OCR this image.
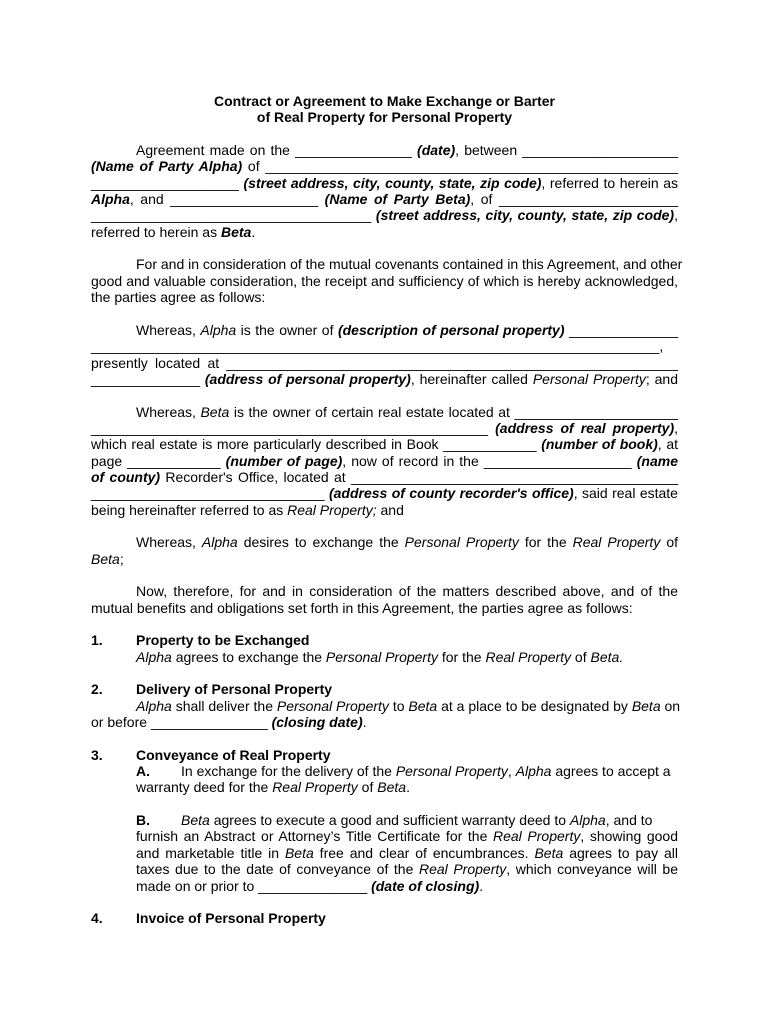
Contract or Agreement to Make Exchange or Barter
of Real Property for Personal Property
Agreement made on the _______________ (date), between ____________________
(Name of Party Alpha) of _____________________________________________________
___________________ (street address, city, county, state, zip code), referred to herein as
Alpha, and ___________________ (Name of Party Beta), of _______________________
____________________________________ (street address, city, county, state, zip code),
referred to herein as Beta.
For and in consideration of the mutual covenants contained in this Agreement, and other
good and valuable consideration, the receipt and sufficiency of which is hereby acknowledged,
the parties agree as follows:
Whereas, Alpha is the owner of (description of personal property) ______________
_________________________________________________________________________,
presently located at __________________________________________________________
______________ (address of personal property), hereinafter called Personal Property; and
Whereas, Beta is the owner of certain real estate located at _____________________
___________________________________________________ (address of real property),
which real estate is more particularly described in Book ____________ (number of book), at
page ____________ (number of page), now of record in the ___________________ (name
of county) Recorder's Office, located at __________________________________________
______________________________ (address of county recorder's office), said real estate
being hereinafter referred to as Real Property; and
Whereas, Alpha desires to exchange the Personal Property for the Real Property of
Beta;
Now, therefore, for and in consideration of the matters described above, and of the
mutual benefits and obligations set forth in this Agreement, the parties agree as follows:
1. Property to be Exchanged
Alpha agrees to exchange the Personal Property for the Real Property of Beta.
2. Delivery of Personal Property
Alpha shall deliver the Personal Property to Beta at a place to be designated by Beta on
or before _______________ (closing date).
3. Conveyance of Real Property
A. In exchange for the delivery of the Personal Property, Alpha agrees to accept a
warranty deed for the Real Property of Beta.
B. Beta agrees to execute a good and sufficient warranty deed to Alpha, and to
furnish an Abstract or Attorney’s Title Certificate for the Real Property, showing good
and marketable title in Beta free and clear of encumbrances. Beta agrees to pay all
taxes due to the date of conveyance of the Real Property, which conveyance will be
made on or prior to ______________ (date of closing).
4. Invoice of Personal Property
